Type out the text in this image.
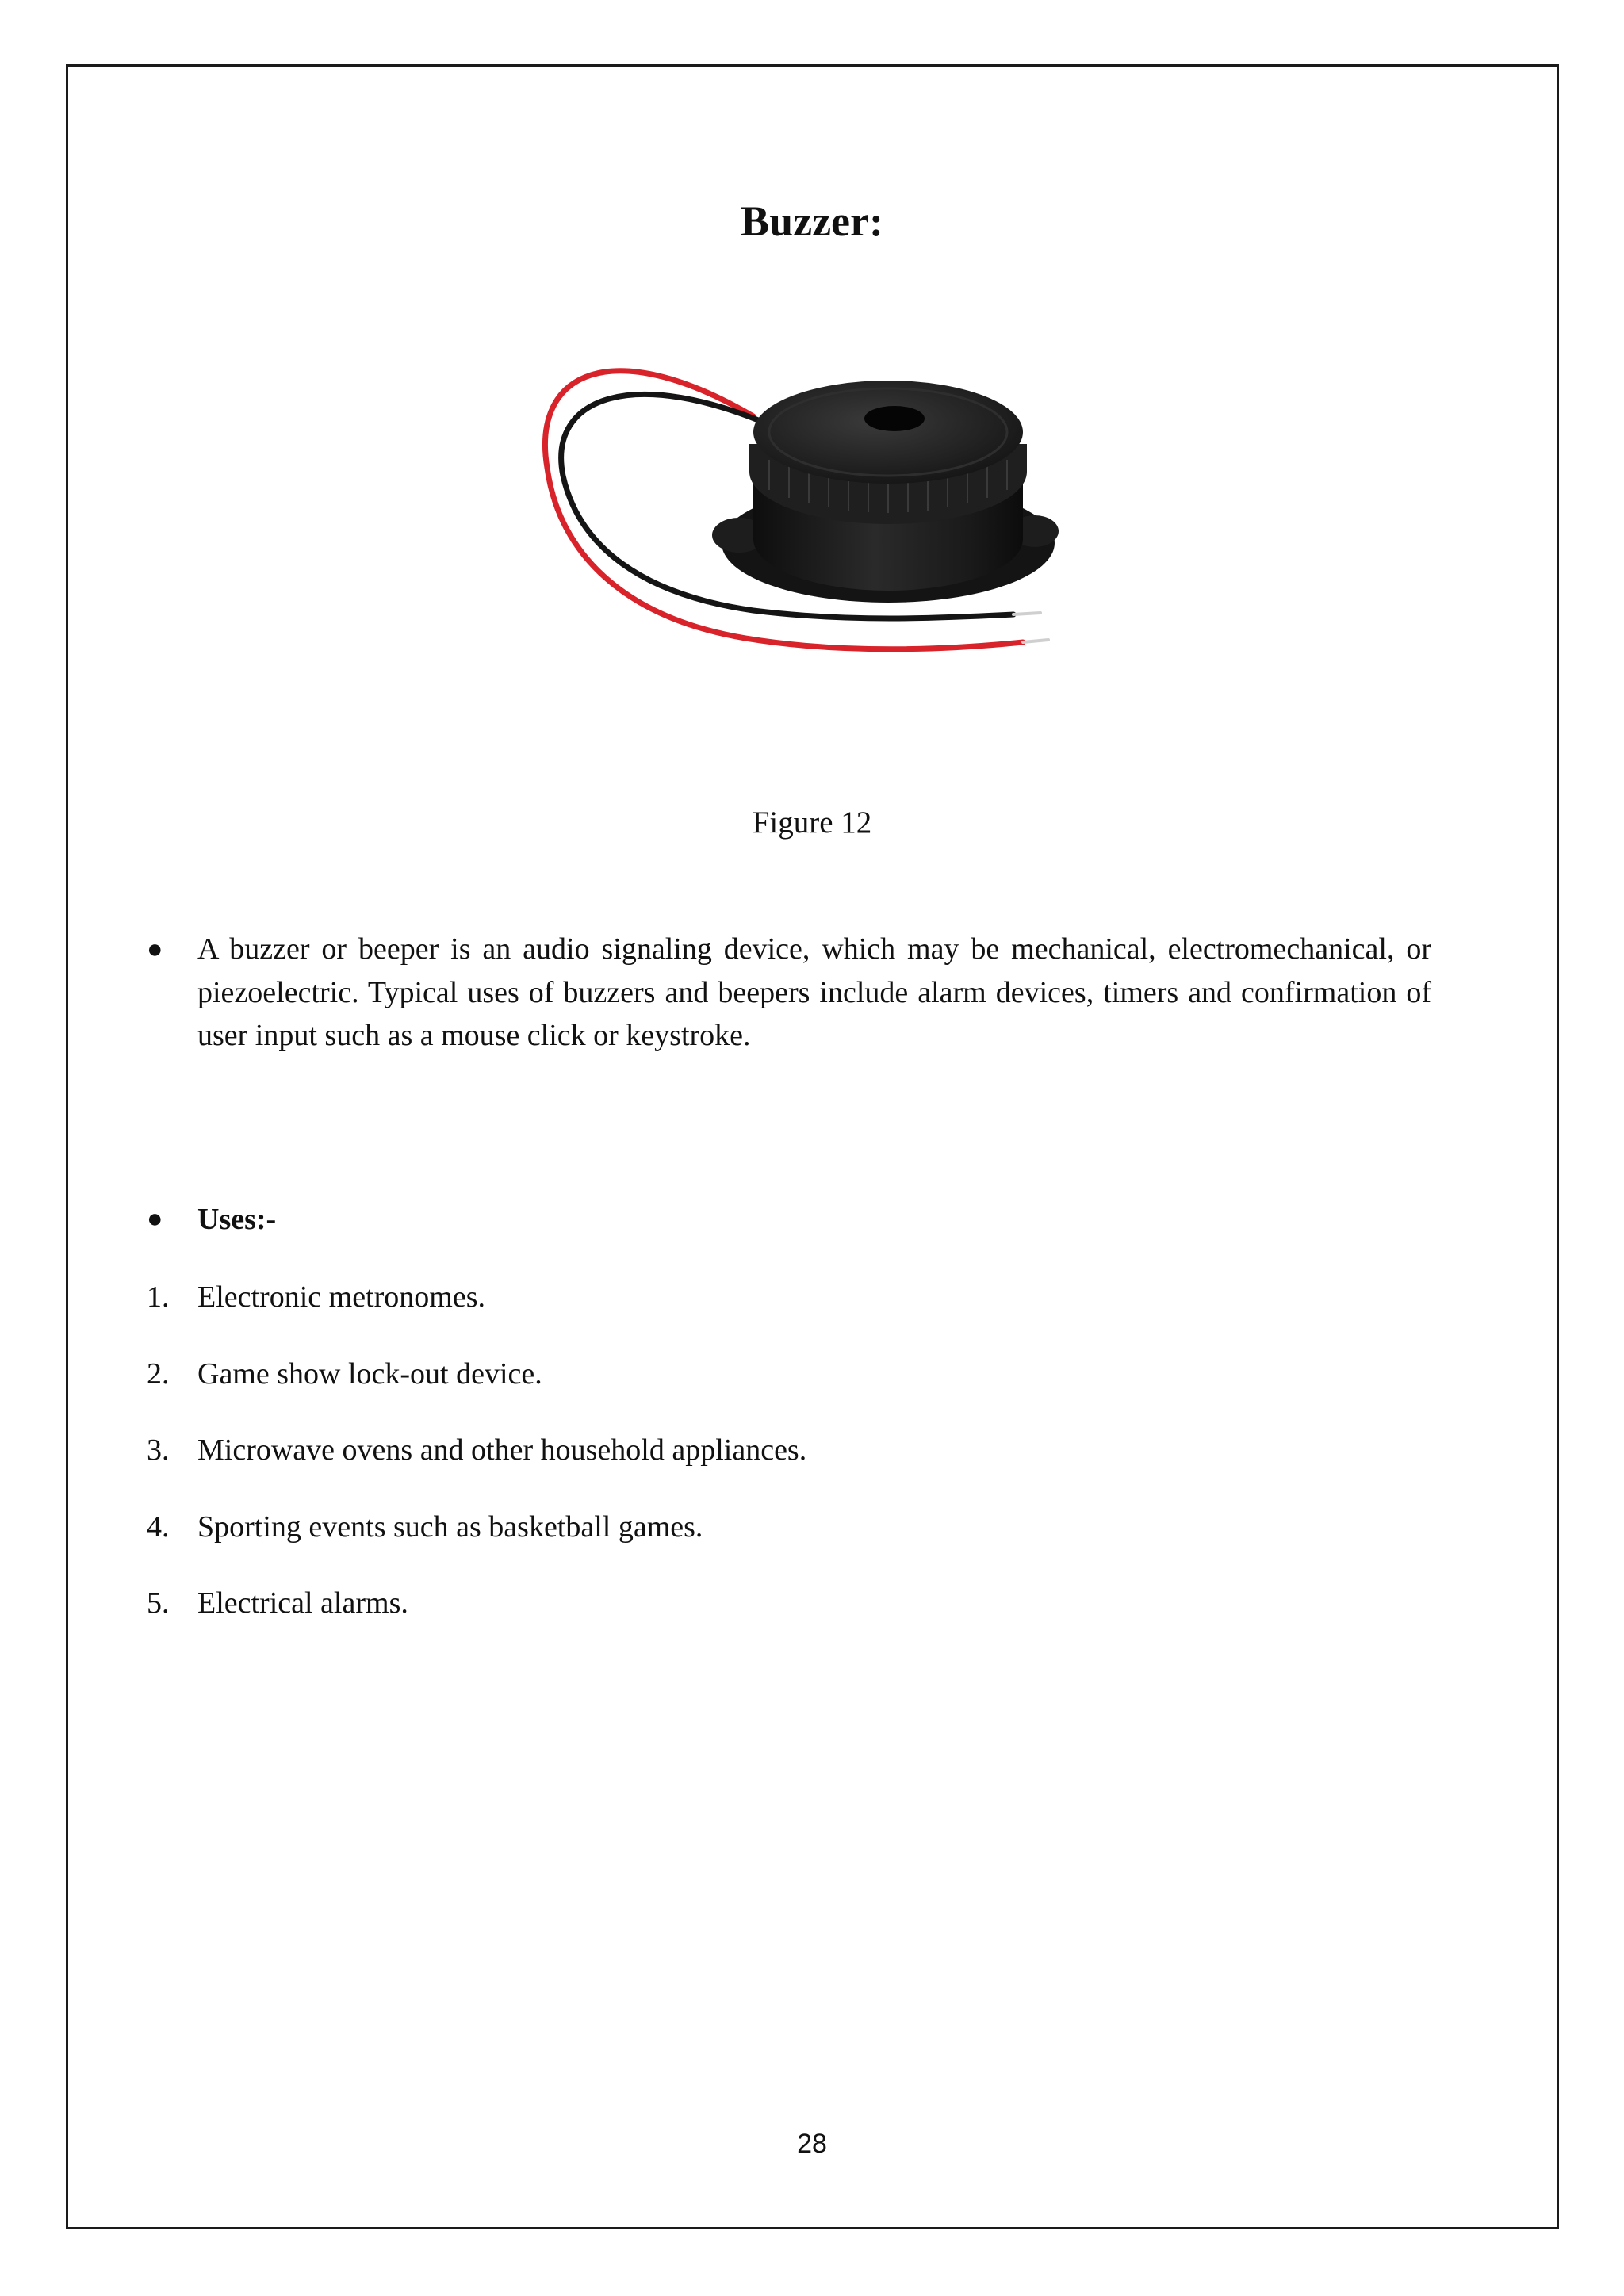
Buzzer:
Figure 12
● A buzzer or beeper is an audio signaling device, which may be mechanical, electromechanical, or piezoelectric. Typical uses of buzzers and beepers include alarm devices, timers and confirmation of user input such as a mouse click or keystroke.

● Uses:-

1. Electronic metronomes.
2. Game show lock-out device.
3. Microwave ovens and other household appliances.
4. Sporting events such as basketball games.
5. Electrical alarms.
28
